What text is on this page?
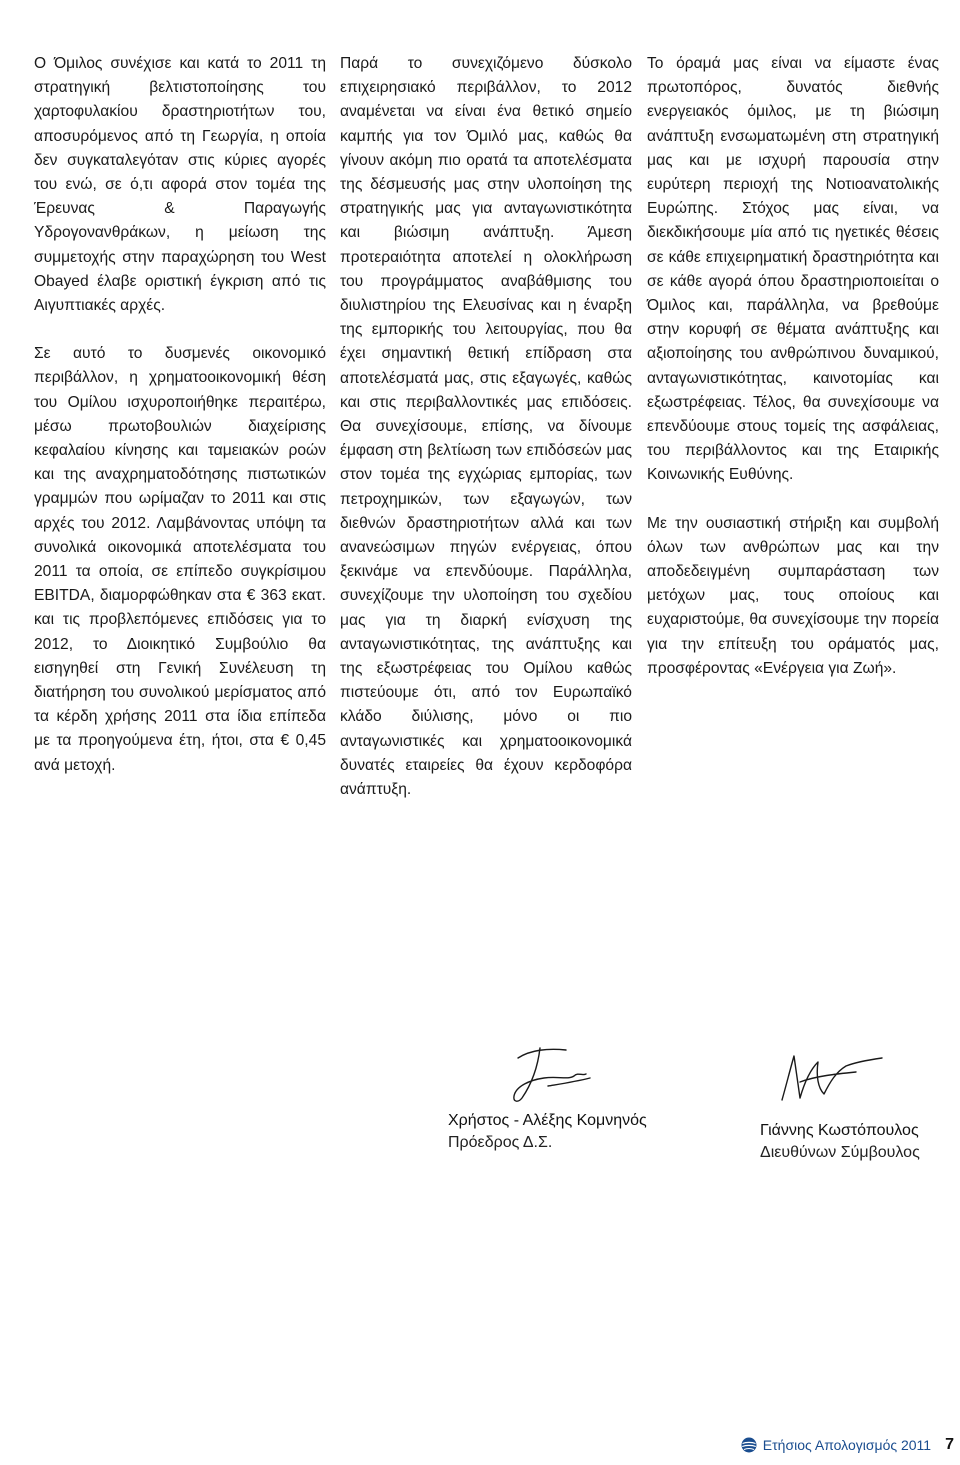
Ο Όμιλος συνέχισε και κατά το 2011 τη στρατηγική βελτιστοποίησης του χαρτοφυλακίου δραστηριοτήτων του, αποσυρόμενος από τη Γεωργία, η οποία δεν συγκαταλεγόταν στις κύριες αγορές του ενώ, σε ό,τι αφορά στον τομέα της Έρευνας & Παραγωγής Υδρογονανθράκων, η μείωση της συμμετοχής στην παραχώρηση του West Obayed έλαβε οριστική έγκριση από τις Αιγυπτιακές αρχές.

Σε αυτό το δυσμενές οικονομικό περιβάλλον, η χρηματοοικονομική θέση του Ομίλου ισχυροποιήθηκε περαιτέρω, μέσω πρωτοβουλιών διαχείρισης κεφαλαίου κίνησης και ταμειακών ροών και της αναχρηματοδότησης πιστωτικών γραμμών που ωρίμαζαν το 2011 και στις αρχές του 2012. Λαμβάνοντας υπόψη τα συνολικά οικονομικά αποτελέσματα του 2011 τα οποία, σε επίπεδο συγκρίσιμου EBITDA, διαμορφώθηκαν στα € 363 εκατ. και τις προβλεπόμενες επιδόσεις για το 2012, το Διοικητικό Συμβούλιο θα εισηγηθεί στη Γενική Συνέλευση τη διατήρηση του συνολικού μερίσματος από τα κέρδη χρήσης 2011 στα ίδια επίπεδα με τα προηγούμενα έτη, ήτοι, στα € 0,45 ανά μετοχή.

Παρά το συνεχιζόμενο δύσκολο επιχειρησιακό περιβάλλον, το 2012 αναμένεται να είναι ένα θετικό σημείο καμπής για τον Όμιλό μας, καθώς θα γίνουν ακόμη πιο ορατά τα αποτελέσματα της δέσμευσής μας στην υλοποίηση της στρατηγικής μας για ανταγωνιστικότητα και βιώσιμη ανάπτυξη. Άμεση προτεραιότητα αποτελεί η ολοκλήρωση του προγράμματος αναβάθμισης του διυλιστηρίου της Ελευσίνας και η έναρξη της εμπορικής του λειτουργίας, που θα έχει σημαντική θετική επίδραση στα αποτελέσματά μας, στις εξαγωγές, καθώς και στις περιβαλλοντικές μας επιδόσεις. Θα συνεχίσουμε, επίσης, να δίνουμε έμφαση στη βελτίωση των επιδόσεών μας στον τομέα της εγχώριας εμπορίας, των πετροχημικών, των εξαγωγών, των διεθνών δραστηριοτήτων αλλά και των ανανεώσιμων πηγών ενέργειας, όπου ξεκινάμε να επενδύουμε. Παράλληλα, συνεχίζουμε την υλοποίηση του σχεδίου μας για τη διαρκή ενίσχυση της ανταγωνιστικότητας, της ανάπτυξης και της εξωστρέφειας του Ομίλου καθώς πιστεύουμε ότι, από τον Ευρωπαϊκό κλάδο διύλισης, μόνο οι πιο ανταγωνιστικές και χρηματοοικονομικά δυνατές εταιρείες θα έχουν κερδοφόρα ανάπτυξη.

Το όραμά μας είναι να είμαστε ένας πρωτοπόρος, δυνατός διεθνής ενεργειακός όμιλος, με τη βιώσιμη ανάπτυξη ενσωματωμένη στη στρατηγική μας και με ισχυρή παρουσία στην ευρύτερη περιοχή της Νοτιοανατολικής Ευρώπης. Στόχος μας είναι, να διεκδικήσουμε μία από τις ηγετικές θέσεις σε κάθε επιχειρηματική δραστηριότητα και σε κάθε αγορά όπου δραστηριοποιείται ο Όμιλος και, παράλληλα, να βρεθούμε στην κορυφή σε θέματα ανάπτυξης και αξιοποίησης του ανθρώπινου δυναμικού, ανταγωνιστικότητας, καινοτομίας και εξωστρέφειας. Τέλος, θα συνεχίσουμε να επενδύουμε στους τομείς της ασφάλειας, του περιβάλλοντος και της Εταιρικής Κοινωνικής Ευθύνης.

Με την ουσιαστική στήριξη και συμβολή όλων των ανθρώπων μας και την αποδεδειγμένη συμπαράσταση των μετόχων μας, τους οποίους και ευχαριστούμε, θα συνεχίσουμε την πορεία για την επίτευξη του οράματός μας, προσφέροντας «Ενέργεια για Ζωή».

Χρήστος - Αλέξης Κομνηνός
Πρόεδρος Δ.Σ.
Γιάννης Κωστόπουλος
Διευθύνων Σύμβουλος
Ετήσιος Απολογισμός 2011 7
